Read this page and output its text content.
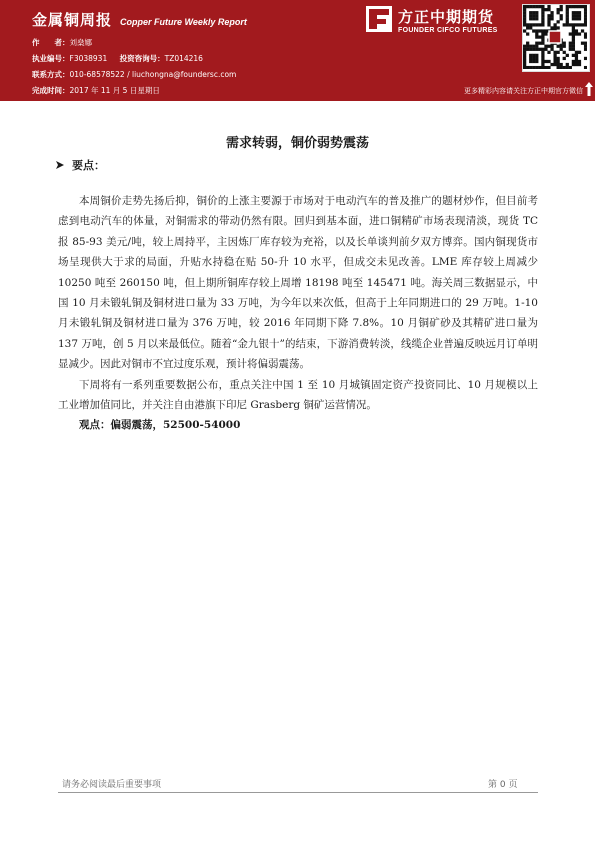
金属铜周报 Copper Future Weekly Report
作　　者：刘燊娜
执业编号：F3038931 投资咨询号：TZ014216
联系方式：010-68578522 / liuchongna@foundersc.com
完成时间：2017 年 11 月 5 日星期日
方正中期期货
FOUNDER CIFCO FUTURES
更多精彩内容请关注方正中期官方微信
需求转弱，铜价弱势震荡
要点：

本周铜价走势先扬后抑，铜价的上涨主要源于市场对于电动汽车的普及推广的题材炒作，但目前考虑到电动汽车的体量，对铜需求的带动仍然有限。回归到基本面，进口铜精矿市场表现清淡，现货 TC 报 85-93 美元/吨，较上周持平，主因炼厂库存较为充裕，以及长单谈判前夕双方博弈。国内铜现货市场呈现供大于求的局面，升贴水持稳在贴 50-升 10 水平，但成交未见改善。LME 库存较上周减少 10250 吨至 260150 吨，但上期所铜库存较上周增 18198 吨至 145471 吨。海关周三数据显示，中国 10 月未锻轧铜及铜材进口量为 33 万吨，为今年以来次低，但高于上年同期进口的 29 万吨。1-10 月未锻轧铜及铜材进口量为 376 万吨，较 2016 年同期下降 7.8%。10 月铜矿砂及其精矿进口量为 137 万吨，创 5 月以来最低位。随着“金九银十”的结束，下游消费转淡，线缆企业普遍反映远月订单明显减少。因此对铜市不宜过度乐观，预计将偏弱震荡。

下周将有一系列重要数据公布，重点关注中国 1 至 10 月城镇固定资产投资同比、10 月规模以上工业增加值同比，并关注自由港旗下印尼 Grasberg 铜矿运营情况。

观点：偏弱震荡，52500-54000

请务必阅读最后重要事项	第 0 页
